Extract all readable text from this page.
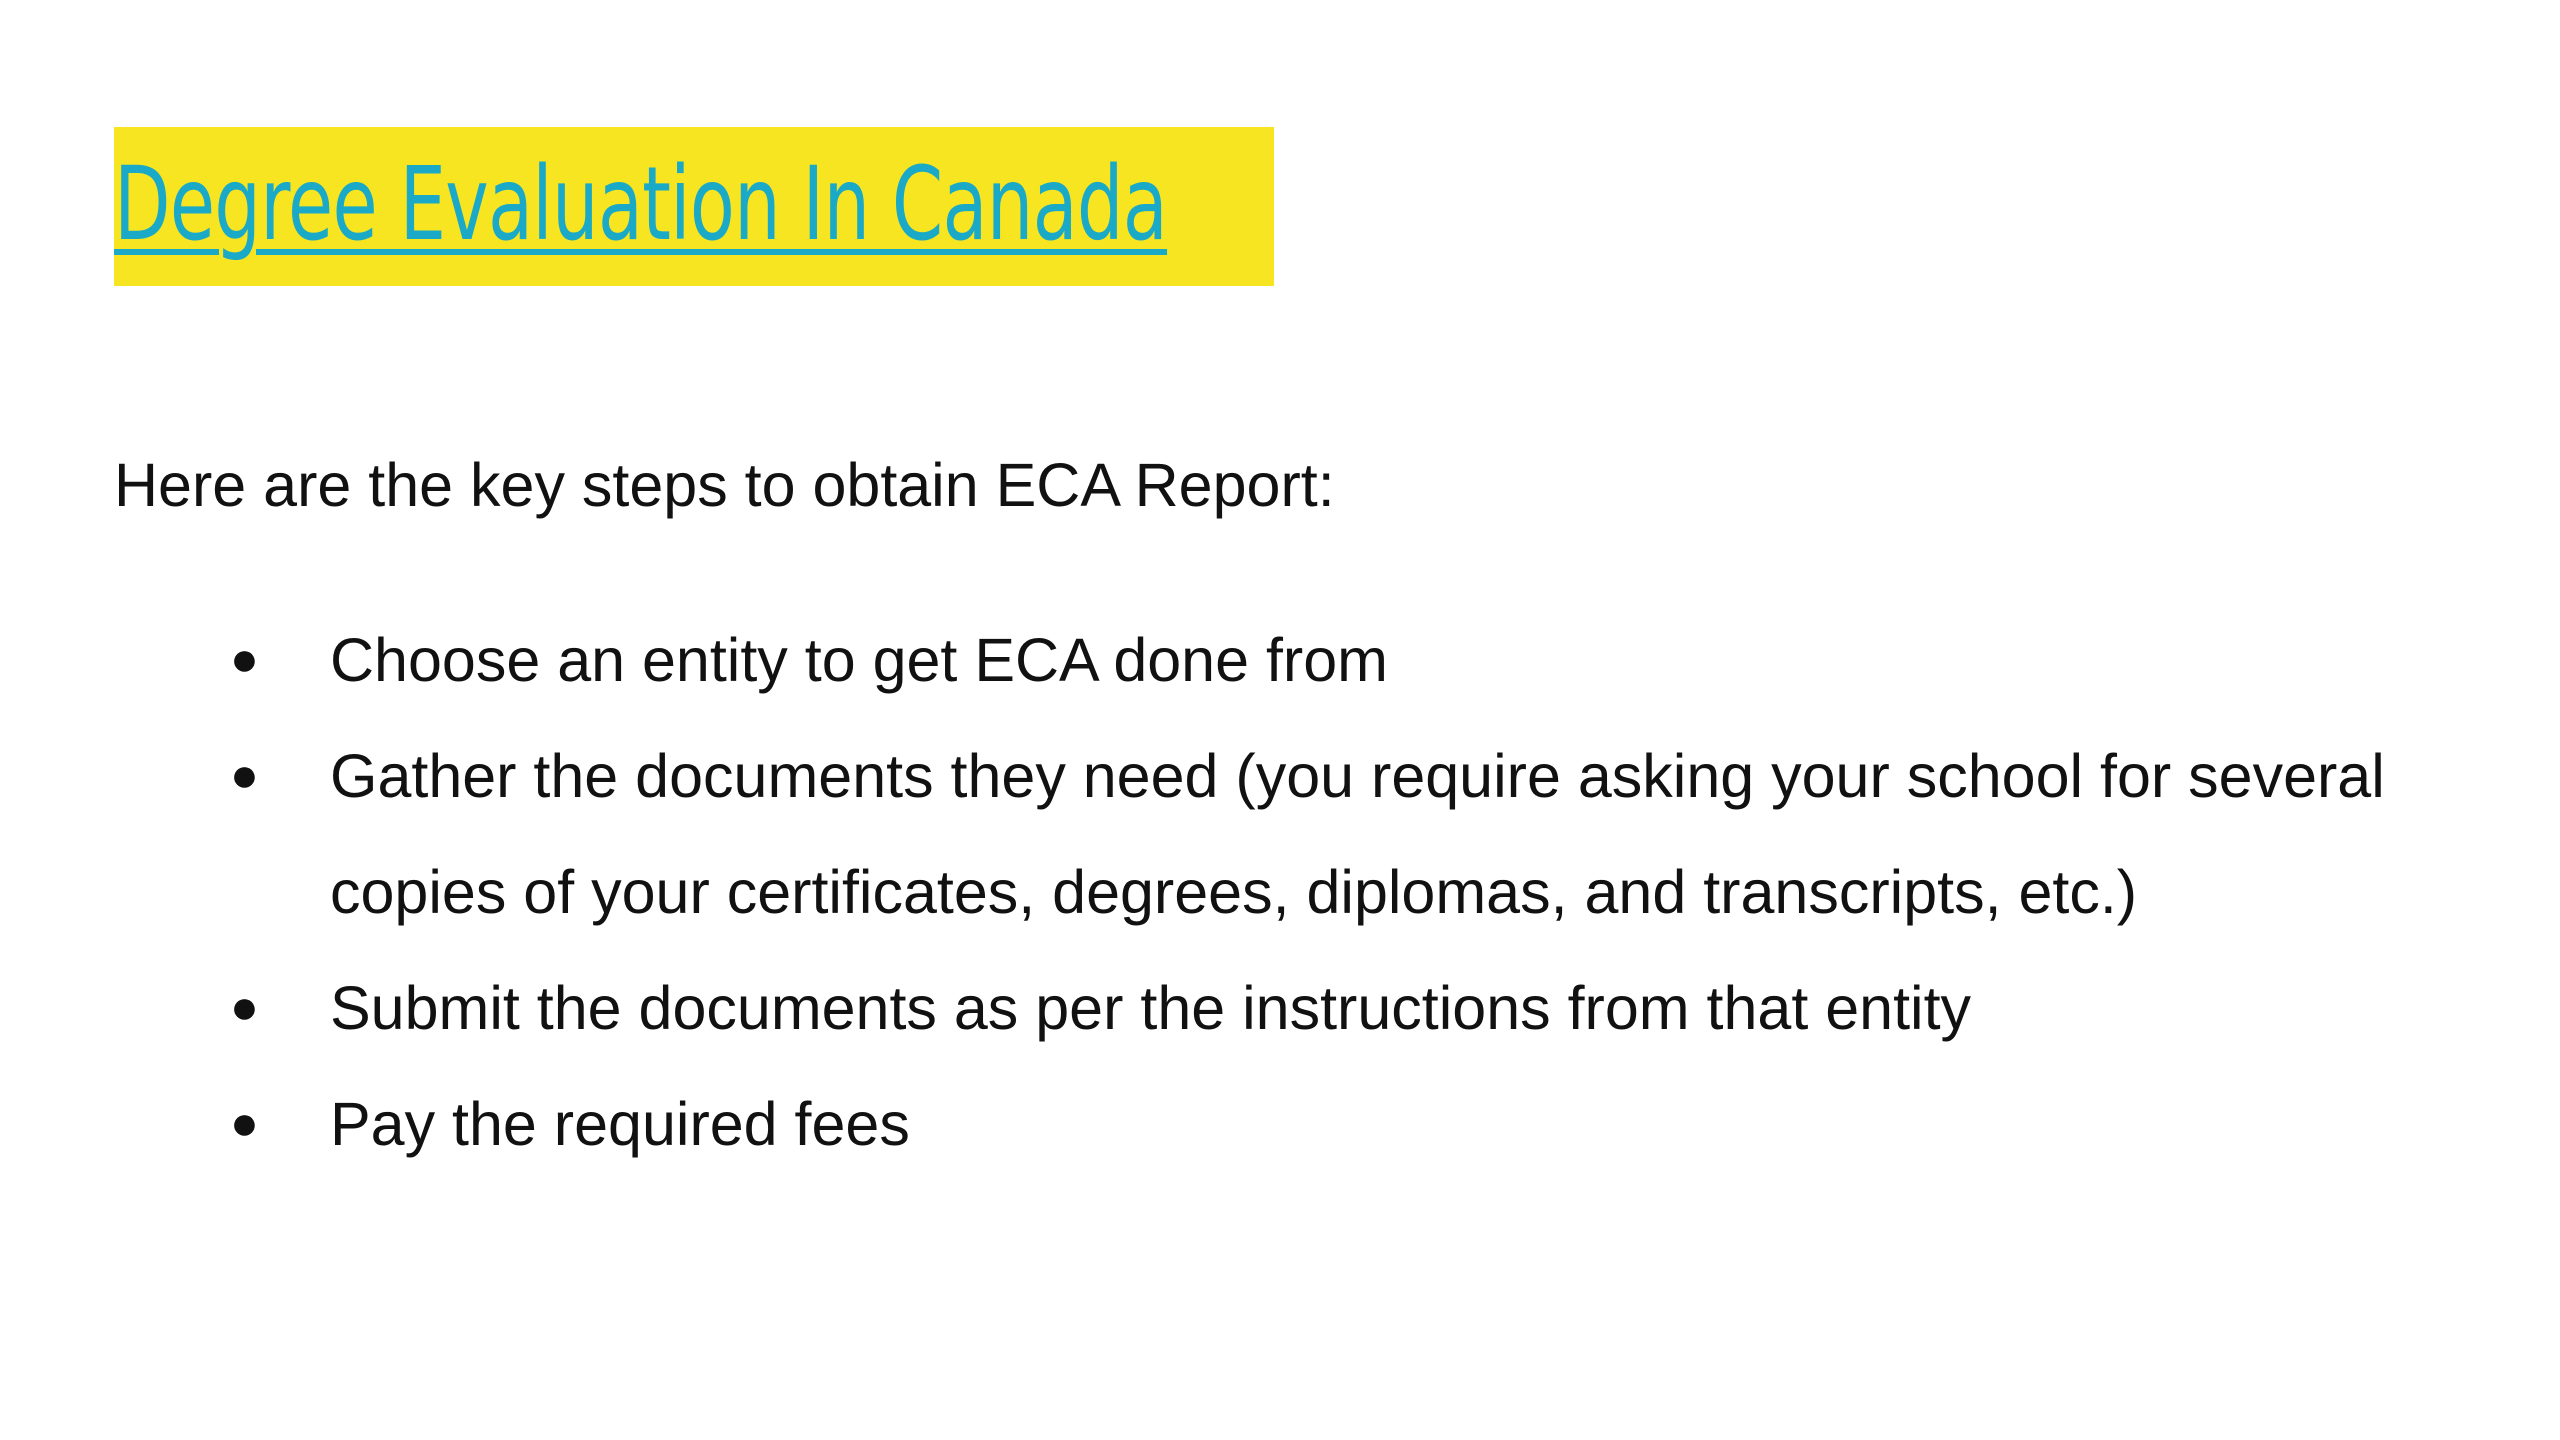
Degree Evaluation In Canada
Here are the key steps to obtain ECA Report:
● Choose an entity to get ECA done from
● Gather the documents they need (you require asking your school for several copies of your certificates, degrees, diplomas, and transcripts, etc.)
● Submit the documents as per the instructions from that entity
● Pay the required fees
